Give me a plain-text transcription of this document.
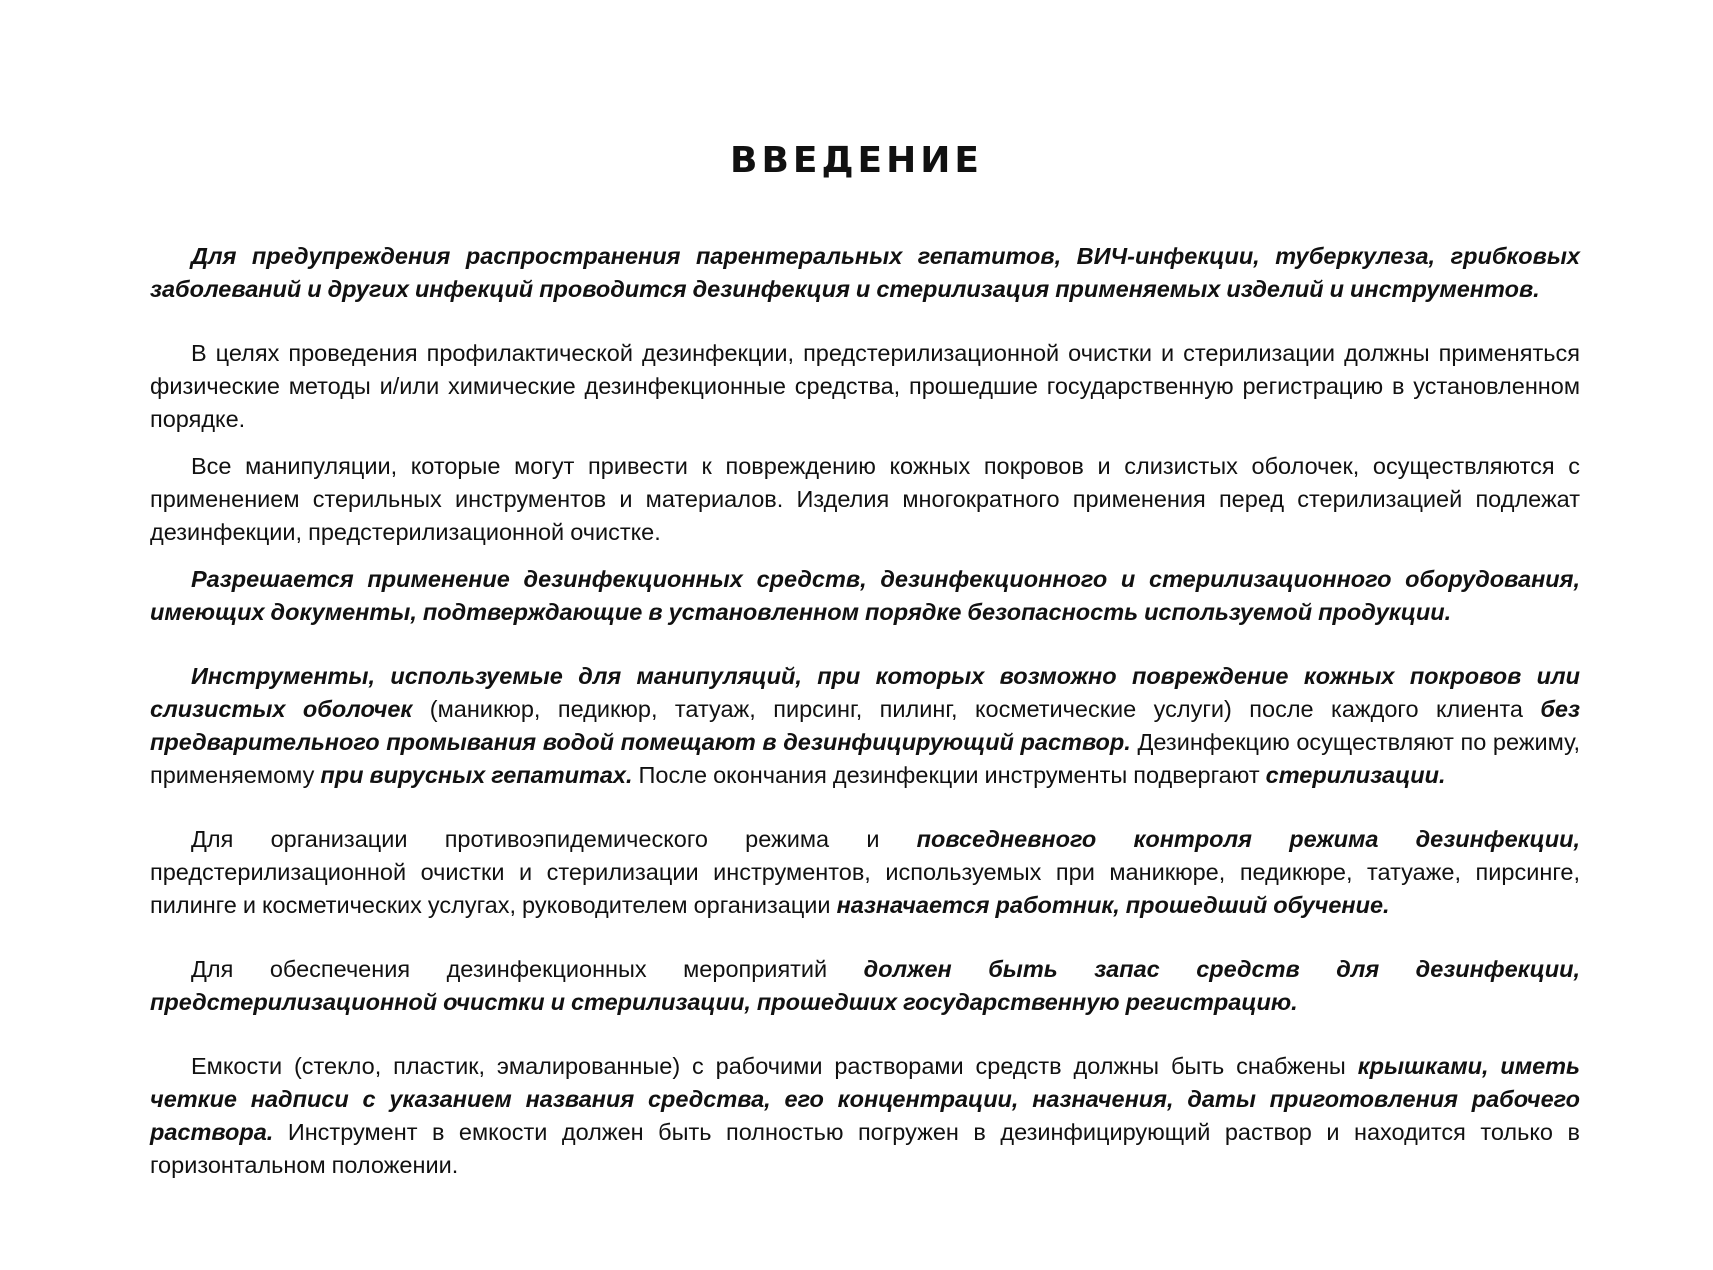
ВВЕДЕНИЕ

Для предупреждения распространения парентеральных гепатитов, ВИЧ-инфекции, туберкулеза, грибковых заболеваний и других инфекций проводится дезинфекция и стерилизация применяемых изделий и инструментов.

В целях проведения профилактической дезинфекции, предстерилизационной очистки и стерилизации должны применяться физические методы и/или химические дезинфекционные средства, прошедшие государственную регистрацию в установленном порядке.

Все манипуляции, которые могут привести к повреждению кожных покровов и слизистых оболочек, осуществляются с применением стерильных инструментов и материалов. Изделия многократного применения перед стерилизацией подлежат дезинфекции, предстерилизационной очистке.

Разрешается применение дезинфекционных средств, дезинфекционного и стерилизационного оборудования, имеющих документы, подтверждающие в установленном порядке безопасность используемой продукции.

Инструменты, используемые для манипуляций, при которых возможно повреждение кожных покровов или слизистых оболочек (маникюр, педикюр, татуаж, пирсинг, пилинг, косметические услуги) после каждого клиента без предварительного промывания водой помещают в дезинфицирующий раствор. Дезинфекцию осуществляют по режиму, применяемому при вирусных гепатитах. После окончания дезинфекции инструменты подвергают стерилизации.

Для организации противоэпидемического режима и повседневного контроля режима дезинфекции, предстерилизационной очистки и стерилизации инструментов, используемых при маникюре, педикюре, татуаже, пирсинге, пилинге и косметических услугах, руководителем организации назначается работник, прошедший обучение.

Для обеспечения дезинфекционных мероприятий должен быть запас средств для дезинфекции, предстерилизационной очистки и стерилизации, прошедших государственную регистрацию.

Емкости (стекло, пластик, эмалированные) с рабочими растворами средств должны быть снабжены крышками, иметь четкие надписи с указанием названия средства, его концентрации, назначения, даты приготовления рабочего раствора. Инструмент в емкости должен быть полностью погружен в дезинфицирующий раствор и находится только в горизонтальном положении.
